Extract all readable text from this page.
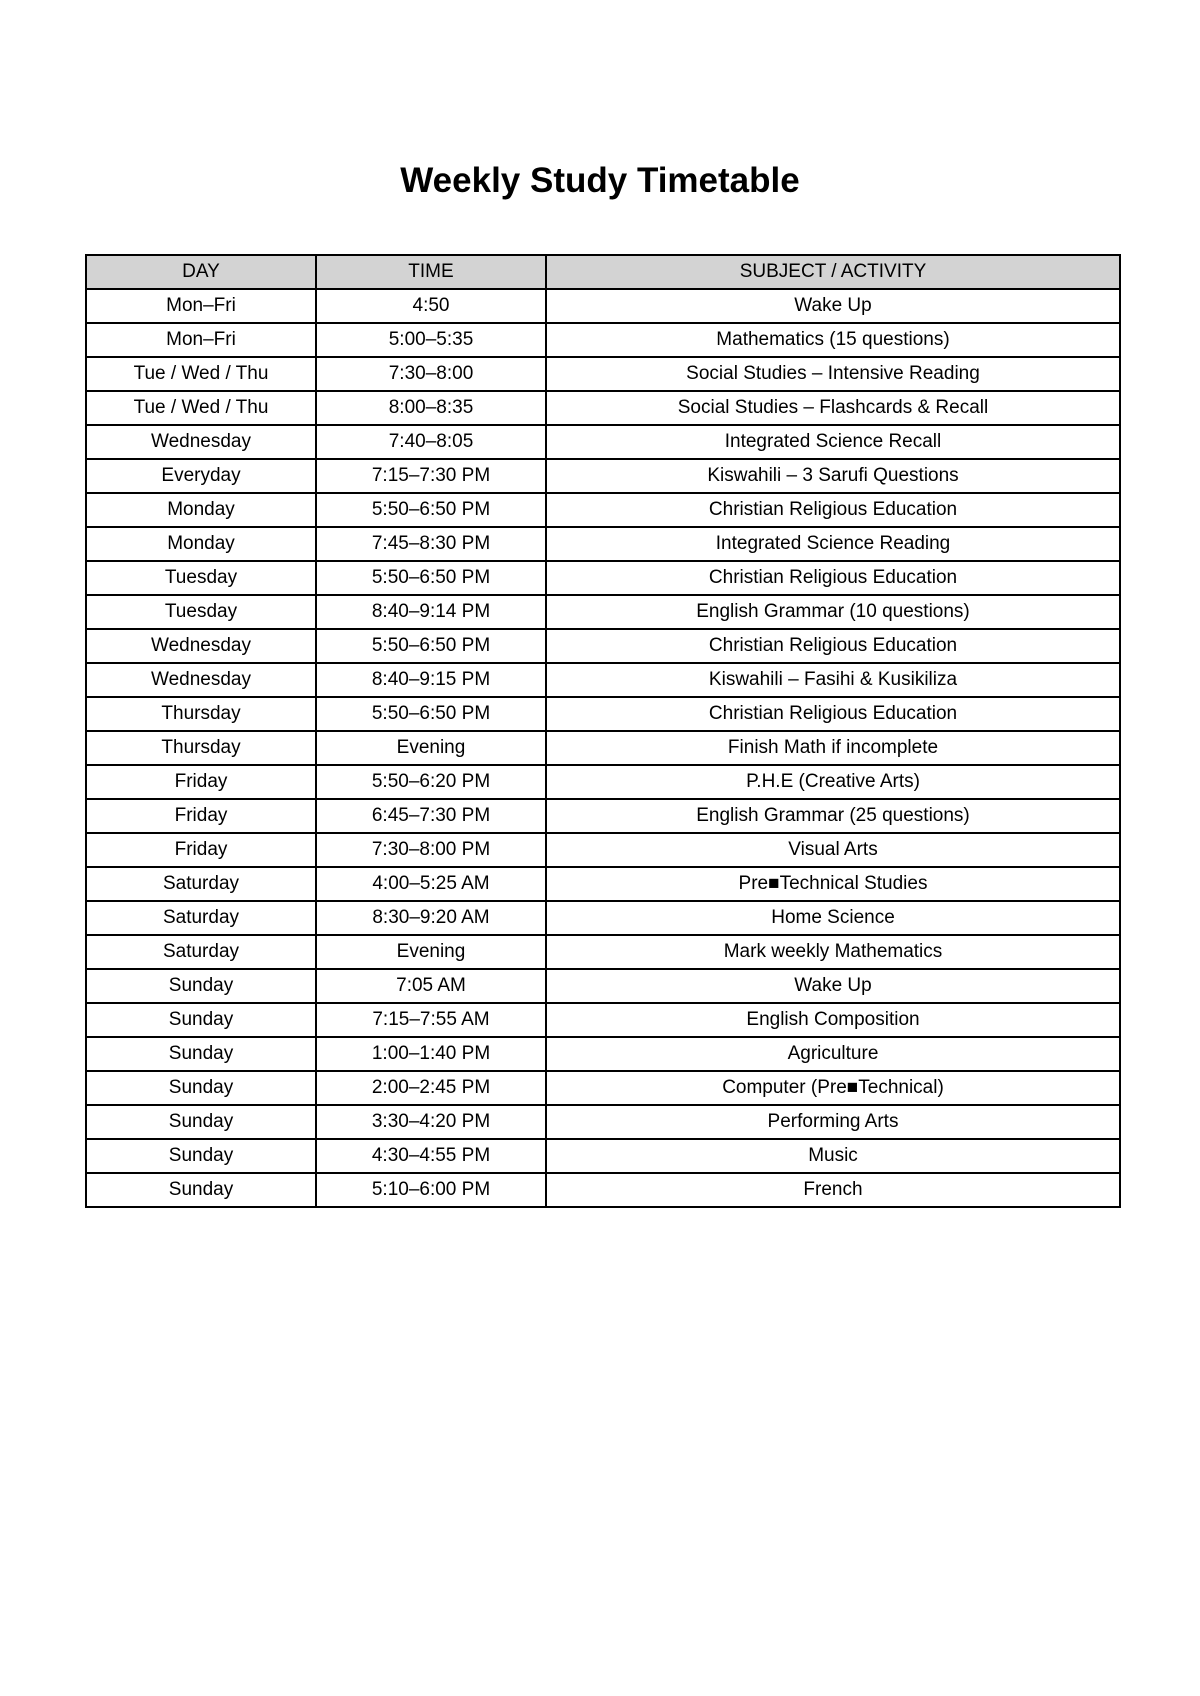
Weekly Study Timetable
DAY	TIME	SUBJECT / ACTIVITY
Mon–Fri	4:50	Wake Up
Mon–Fri	5:00–5:35	Mathematics (15 questions)
Tue / Wed / Thu	7:30–8:00	Social Studies – Intensive Reading
Tue / Wed / Thu	8:00–8:35	Social Studies – Flashcards & Recall
Wednesday	7:40–8:05	Integrated Science Recall
Everyday	7:15–7:30 PM	Kiswahili – 3 Sarufi Questions
Monday	5:50–6:50 PM	Christian Religious Education
Monday	7:45–8:30 PM	Integrated Science Reading
Tuesday	5:50–6:50 PM	Christian Religious Education
Tuesday	8:40–9:14 PM	English Grammar (10 questions)
Wednesday	5:50–6:50 PM	Christian Religious Education
Wednesday	8:40–9:15 PM	Kiswahili – Fasihi & Kusikiliza
Thursday	5:50–6:50 PM	Christian Religious Education
Thursday	Evening	Finish Math if incomplete
Friday	5:50–6:20 PM	P.H.E (Creative Arts)
Friday	6:45–7:30 PM	English Grammar (25 questions)
Friday	7:30–8:00 PM	Visual Arts
Saturday	4:00–5:25 AM	Pre■Technical Studies
Saturday	8:30–9:20 AM	Home Science
Saturday	Evening	Mark weekly Mathematics
Sunday	7:05 AM	Wake Up
Sunday	7:15–7:55 AM	English Composition
Sunday	1:00–1:40 PM	Agriculture
Sunday	2:00–2:45 PM	Computer (Pre■Technical)
Sunday	3:30–4:20 PM	Performing Arts
Sunday	4:30–4:55 PM	Music
Sunday	5:10–6:00 PM	French
